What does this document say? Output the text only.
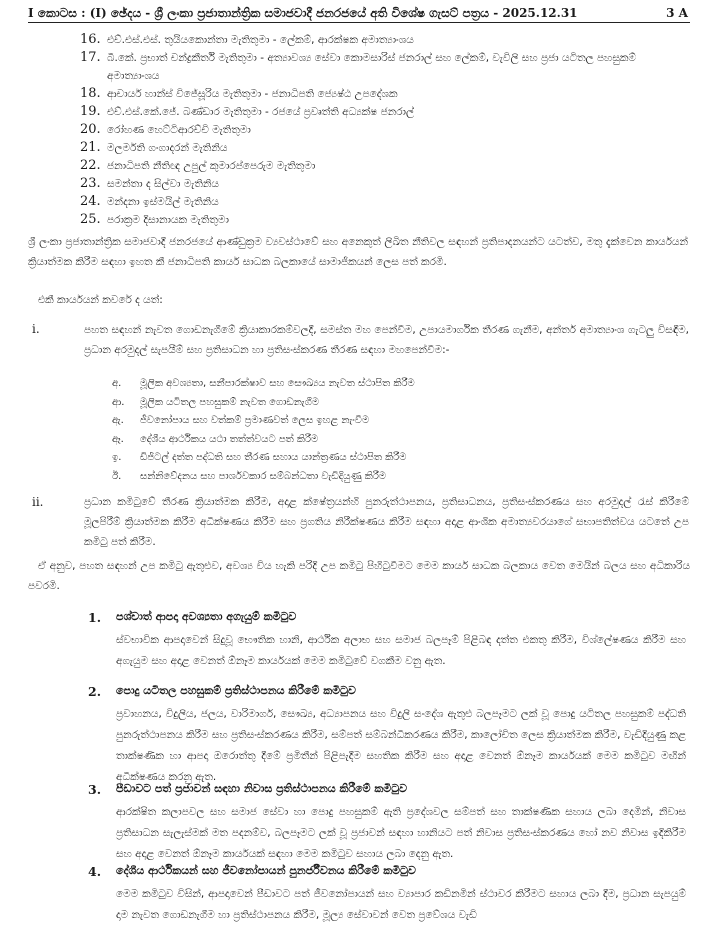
I කොටස : (I) ඡේදය - ශ්‍රී ලංකා ප්‍රජාතාන්ත්‍රික සමාජවාදී ජනරජයේ අති විශේෂ ගැසට් පත්‍රය - 2025.12.31	3 A
16. එච්.එස්.එස්. තුයියකොන්තා මැතිතුමා - ලේකම්, ආරක්ෂක අමාත්‍යාංශය
17. බී.කේ. ප්‍රභාත් චන්ද්‍රකීර්ති මැතිතුමා - අත්‍යාවශ්‍ය සේවා කොමසාරිස් ජනරාල් සහ ලේකම්, වැවිලි සහ ප්‍රජා යටිතල පහසුකම් අමාත්‍යාංශය
18. ආචාර්ය හාන්ස් විජේසූරිය මැතිතුමා - ජනාධිපති ජ්‍යෙෂ්ඨ උපදේශක
19. එච්.එස්.කේ.ජේ. බණ්ඩාර මැතිතුමා - රජයේ ප්‍රවෘත්ති අධ්‍යක්ෂ ජනරාල්
20. රෝහණ හෙට්ටිආරච්චි මැතිතුමා
21. මලර්මති ගංගාදරන් මැතිනිය
22. ජනාධිපති නීතිඥ උපුල් කුමාරප්පෙරුම මැතිතුමා
23. සමන්තා ද සිල්වා මැතිනිය
24. මන්දනා ඉස්මයිල් මැතිනිය
25. පරාක්‍රම දිසානායක මැතිතුමා
ශ්‍රී ලංකා ප්‍රජාතාන්ත්‍රික සමාජවාදී ජනරජයේ ආණ්ඩුක්‍රම ව්‍යවස්ථාවේ සහ අනෙකුත් ලිඛිත නීතිවල සඳහන් ප්‍රතිපාදනයන්ට යටත්ව, මතු දැක්වෙන කාර්යයන් ක්‍රියාත්මක කිරීම සඳහා ඉහත කී ජනාධිපති කාර්ය සාධක බලකායේ සාමාජිකයන් ලෙස පත් කරමි.
එකී කාර්යයන් කවරේ ද යත්:
i.	පහත සඳහන් නැවත ගොඩනැගීමේ ක්‍රියාකාරකම්වලදී, සමස්ත මහ පෙන්වීම, උපායමාර්ගික තීරණ ගැනීම, අන්තර් අමාත්‍යාංශ ගැටලු විසඳීම, ප්‍රධාන අරමුදල් සැපයීම් සහ ප්‍රතිසාධන හා ප්‍රතිසංස්කරණ තීරණ සඳහා මහපෙන්වීම:-
අ. මූලික අවශ්‍යතා, සනීපාරක්ෂාව සහ සෞඛ්‍යය නැවත ස්ථාපිත කිරීම
ආ. මූලික යටිතල පහසුකම් නැවත ගොඩනැගීම
ඇ. ජීවනෝපාය සහ වත්කම් ප්‍රමාණවත් ලෙස ඉහළ නැංවීම
ඈ. දේශීය ආර්ථිකය යථා තත්ත්වයට පත් කිරීම
ඉ. ඩිජිටල් දත්ත පද්ධති සහ තීරණ සහාය යාන්ත්‍රණය ස්ථාපිත කිරීම
ඊ. සන්නිවේදනය සහ පාර්ශවකාර සම්බන්ධතා වැඩිදියුණු කිරීම
ii.	ප්‍රධාන කමිටුවේ තීරණ ක්‍රියාත්මක කිරීම, අදාළ ක්ෂේත්‍රයන්හි පුනරුත්ථාපනය, ප්‍රතිසාධනය, ප්‍රතිසංස්කරණය සහ අරමුදල් රැස් කිරීමේ මූලපිරීම් ක්‍රියාත්මක කිරීම අධීක්ෂණය කිරීම සහ ප්‍රගතිය නිරීක්ෂණය කිරීම සඳහා අදාළ ආංශික අමාත්‍යවරයාගේ සභාපතිත්වය යටතේ උප කමිටු පත් කිරීම.
ඒ අනුව, පහත සඳහන් උප කමිටු ඇතුළුව, අවශ්‍ය විය හැකි පරිදි උප කමිටු පිහිටුවීමට මෙම කාර්ය සාධක බලකාය වෙත මෙයින් බලය සහ අධිකාරිය පවරමි.
1. පශ්චාත් ආපදා අවශ්‍යතා අගැයුම් කමිටුව
ස්වභාවික ආපදාවෙන් සිදුවූ භෞතික හානි, ආර්ථික අලාභ සහ සමාජ බලපෑම් පිළිබඳ දත්ත එකතු කිරීම, විශ්ලේෂණය කිරීම සහ අගැයුම සහ අදාළ වෙනත් ඕනෑම කාර්යයක් මෙම කමිටුවේ වගකීම වනු ඇත.
2. පොදු යටිතල පහසුකම් ප්‍රතිස්ථාපනය කිරීමේ කමිටුව
ප්‍රවාහනය, විදුලිය, ජලය, වාරිමාර්ග, සෞඛ්‍ය, අධ්‍යාපනය සහ විදුලි සංදේශ ඇතුළු බලපෑමට ලක් වූ පොදු යටිතල පහසුකම් පද්ධති පුනරුත්ථාපනය කිරීම සහ ප්‍රතිසංස්කරණය කිරීම, සම්පත් සම්බන්ධීකරණය කිරීම, කාලෝචිත ලෙස ක්‍රියාත්මක කිරීම, වැඩිදියුණු කළ තාක්ෂණික හා ආපදා ඔරොත්තු දීමේ ප්‍රමිතීන් පිළිපැදීම සහතික කිරීම සහ අදාළ වෙනත් ඕනෑම කාර්යයක් මෙම කමිටුව මඟින් අධීක්ෂණය කරනු ඇත.
3. පීඩාවට පත් ප්‍රජාවන් සඳහා නිවාස ප්‍රතිස්ථාපනය කිරීමේ කමිටුව
ආරක්ෂිත කලාපවල සහ සමාජ සේවා හා පොදු පහසුකම් ඇති ප්‍රදේශවල සම්පත් සහ තාක්ෂණික සහාය ලබා දෙමින්, නිවාස ප්‍රතිසාධන සැලැස්මක් මත පදනම්ව, බලපෑමට ලක් වූ ප්‍රජාවන් සඳහා හානියට පත් නිවාස ප්‍රතිසංස්කරණය හෝ නව නිවාස ඉදිකිරීම සහ අදාළ වෙනත් ඕනෑම කාර්යයක් සඳහා මෙම කමිටුව සහාය ලබා දෙනු ඇත.
4. දේශීය ආර්ථිකයන් සහ ජීවනෝපායන් පුනර්ජීවනය කිරීමේ කමිටුව
මෙම කමිටුව විසින්, ආපදාවෙන් පීඩාවට පත් ජීවනෝපායන් සහ ව්‍යාපාර කඩිනමින් ස්ථාවර කිරීමට සහාය ලබා දීම, ප්‍රධාන සැපයුම් දාම නැවත ගොඩනැගීම හා ප්‍රතිස්ථාපනය කිරීම, මූල්‍ය සේවාවන් වෙත ප්‍රවේශය වැඩි
